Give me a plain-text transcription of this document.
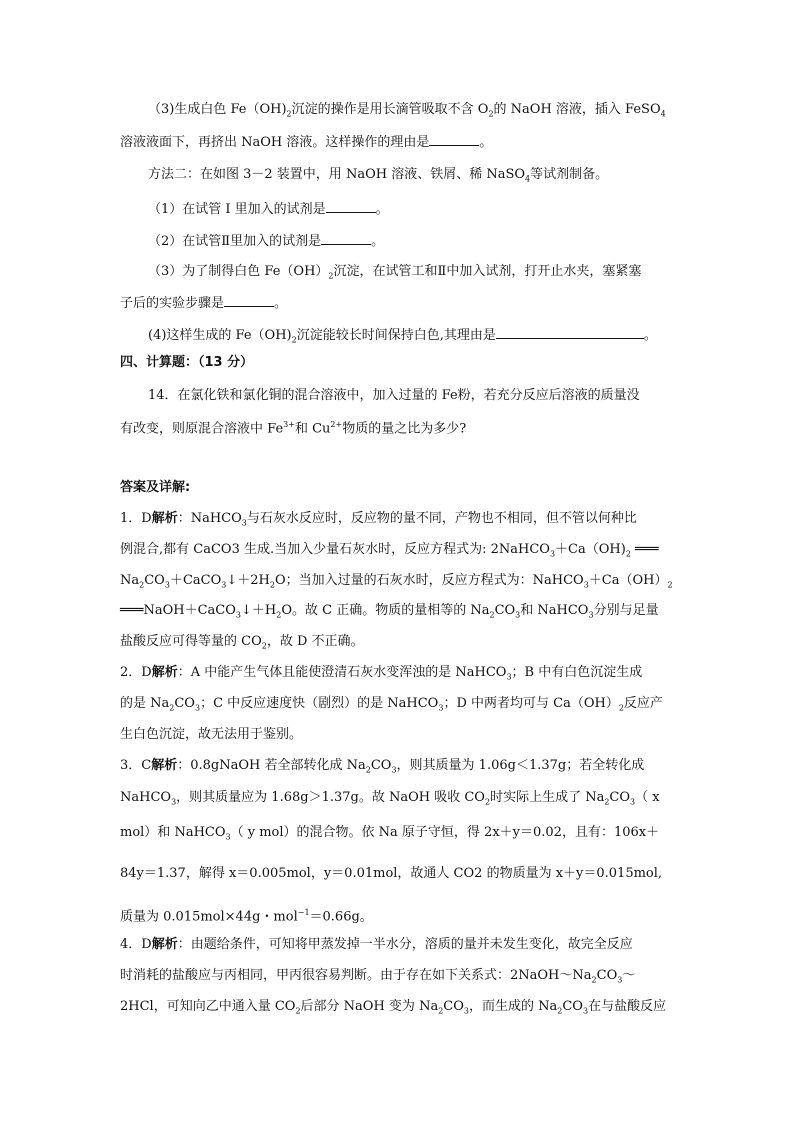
（3)生成白色 $Fe(OH)_2$沉淀的操作是用长滴管吸取不含 $O_2$的 NaOH 溶液，插入 FeSO$_4$
溶液液面下，再挤出 NaOH 溶液。这样操作的理由是	。
方法二：在如图 3－2 装置中，用 NaOH 溶液、铁屑、稀 NaSO$_4$等试剂制备。
（1）在试管 I 里加入的试剂是	。
（2）在试管Ⅱ里加入的试剂是	。
（3）为了制得白色 $Fe(OH)_2$沉淀，在试管工和Ⅱ中加入试剂，打开止水夹，塞紧塞
子后的实验步骤是	。
(4)这样生成的 $Fe(OH)_2$沉淀能较长时间保持白色,其理由是	。
四、计算题：（13 分）
14．在氯化铁和氯化铜的混合溶液中，加入过量的 Fe粉，若充分反应后溶液的质量没
有改变，则原混合溶液中 $Fe^{3+}$和 $Cu^{2+}$物质的量之比为多少?
答案及详解:
1．D解析：NaHCO$_3$与石灰水反应时，反应物的量不同，产物也不相同，但不管以何种比
例混合,都有 CaCO3 生成.当加入少量石灰水时，反应方程式为: $2NaHCO_3+Ca(OH)_2$ ═══
$Na_2CO_3+CaCO_3↓+2H_2O$；当加入过量的石灰水时，反应方程式为：$NaHCO_3+Ca(OH)_2$
$═══NaOH+CaCO_3↓+H_2O$。故 C 正确。物质的量相等的 $Na_2CO_3$和 NaHCO$_3$分别与足量
盐酸反应可得等量的 $CO_2$，故 D 不正确。
2．D解析：A 中能产生气体且能使澄清石灰水变浑浊的是 NaHCO$_3$；B 中有白色沉淀生成
的是 $Na_2CO_3$；C 中反应速度快（剧烈）的是 NaHCO$_3$；D 中两者均可与 $Ca(OH)_2$反应产
生白色沉淀，故无法用于鉴别。
3．C解析：0.8gNaOH 若全部转化成 $Na_2CO_3$，则其质量为 1.06g＜1.37g；若全转化成
NaHCO$_3$，则其质量应为 1.68g＞1.37g。故 NaOH 吸收 $CO_2$时实际上生成了 $Na_2CO_3$（ x
mol）和 NaHCO$_3$（ y mol）的混合物。依 Na 原子守恒，得 2x＋y＝0.02，且有：106x＋
84y＝1.37，解得 x＝0.005mol，y＝0.01mol，故通人 CO2 的物质量为 x＋y＝0.015mol,
质量为 0.015mol×44g・mol$^{-1}$＝0.66g。
4．D解析：由题给条件，可知将甲蒸发掉一半水分，溶质的量并未发生变化，故完全反应
时消耗的盐酸应与丙相同，甲丙很容易判断。由于存在如下关系式：$2NaOH\sim Na_2CO_3\sim$
2HCl，可知向乙中通入量 $CO_2$后部分 NaOH 变为 $Na_2CO_3$，而生成的 $Na_2CO_3$在与盐酸反应
